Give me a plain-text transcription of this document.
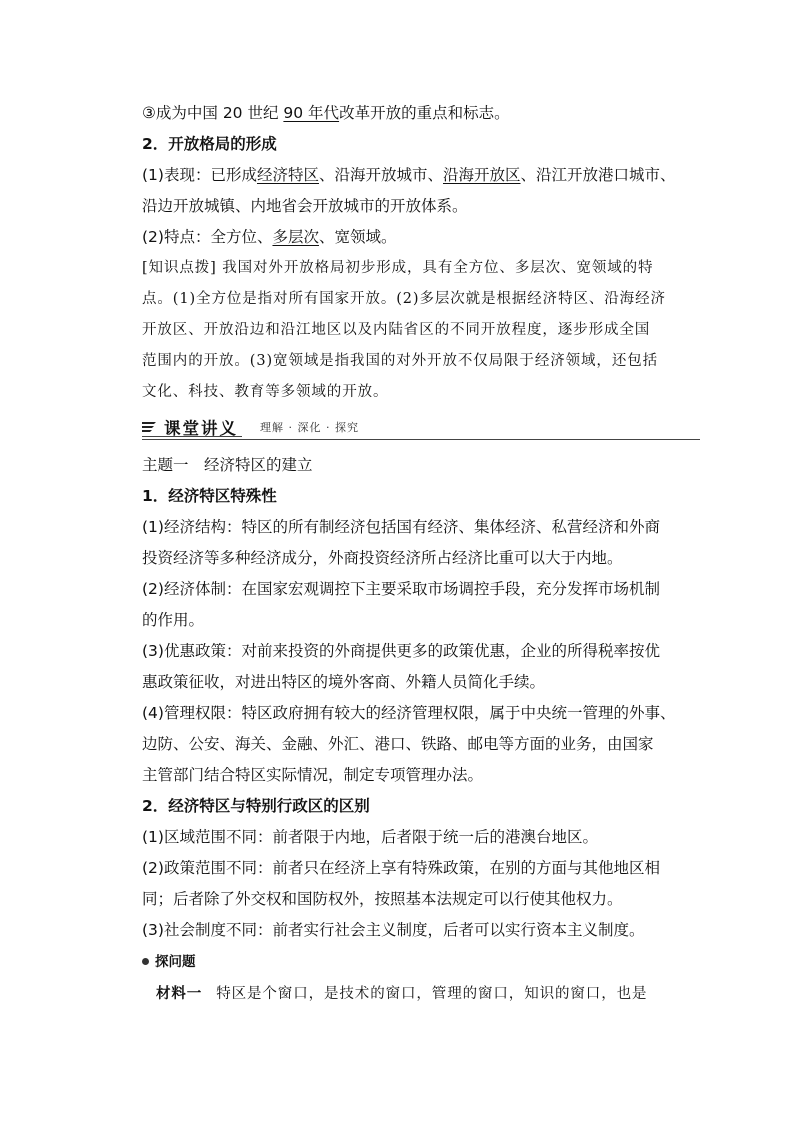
③成为中国 20 世纪 90 年代改革开放的重点和标志。

2．开放格局的形成

(1)表现：已形成经济特区、沿海开放城市、沿海开放区、沿江开放港口城市、

沿边开放城镇、内地省会开放城市的开放体系。

(2)特点：全方位、多层次、宽领域。

[知识点拨] 我国对外开放格局初步形成，具有全方位、多层次、宽领域的特

点。(1)全方位是指对所有国家开放。(2)多层次就是根据经济特区、沿海经济

开放区、开放沿边和沿江地区以及内陆省区的不同开放程度，逐步形成全国

范围内的开放。(3)宽领域是指我国的对外开放不仅局限于经济领域，还包括

文化、科技、教育等多领域的开放。

课堂讲义 理解 · 深化 · 探究

主题一　经济特区的建立

1．经济特区特殊性

(1)经济结构：特区的所有制经济包括国有经济、集体经济、私营经济和外商

投资经济等多种经济成分，外商投资经济所占经济比重可以大于内地。

(2)经济体制：在国家宏观调控下主要采取市场调控手段，充分发挥市场机制

的作用。

(3)优惠政策：对前来投资的外商提供更多的政策优惠，企业的所得税率按优

惠政策征收，对进出特区的境外客商、外籍人员简化手续。

(4)管理权限：特区政府拥有较大的经济管理权限，属于中央统一管理的外事、

边防、公安、海关、金融、外汇、港口、铁路、邮电等方面的业务，由国家

主管部门结合特区实际情况，制定专项管理办法。

2．经济特区与特别行政区的区别

(1)区域范围不同：前者限于内地，后者限于统一后的港澳台地区。

(2)政策范围不同：前者只在经济上享有特殊政策，在别的方面与其他地区相

同；后者除了外交权和国防权外，按照基本法规定可以行使其他权力。

(3)社会制度不同：前者实行社会主义制度，后者可以实行资本主义制度。

探问题

材料一 特区是个窗口，是技术的窗口，管理的窗口，知识的窗口，也是
